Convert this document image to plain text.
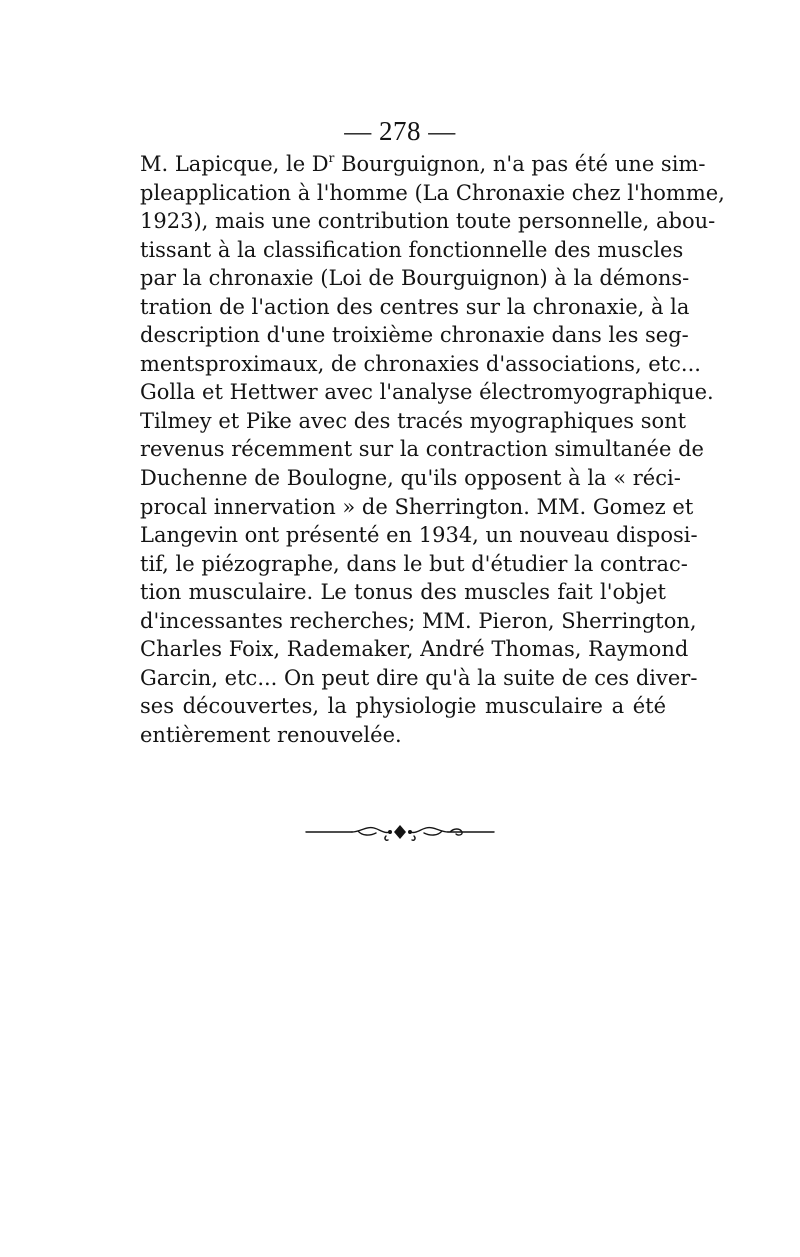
— 278 —
M. Lapicque, le $D^r$ Bourguignon, n'a pas été une sim-
pleapplication à l'homme (La Chronaxie chez l'homme,
1923), mais une contribution toute personnelle, abou-
tissant à la classification fonctionnelle des muscles
par la chronaxie (Loi de Bourguignon) à la démons-
tration de l'action des centres sur la chronaxie, à la
description d'une troixième chronaxie dans les seg-
mentsproximaux, de chronaxies d'associations, etc...
Golla et Hettwer avec l'analyse électromyographique.
Tilmey et Pike avec des tracés myographiques sont
revenus récemment sur la contraction simultanée de
Duchenne de Boulogne, qu'ils opposent à la « réci-
procal innervation » de Sherrington. MM. Gomez et
Langevin ont présenté en 1934, un nouveau disposi-
tif, le piézographe, dans le but d'étudier la contrac-
tion musculaire. Le tonus des muscles fait l'objet
d'incessantes recherches; MM. Pieron, Sherrington,
Charles Foix, Rademaker, André Thomas, Raymond
Garcin, etc... On peut dire qu'à la suite de ces diver-
ses découvertes, la physiologie musculaire a été
entièrement renouvelée.
